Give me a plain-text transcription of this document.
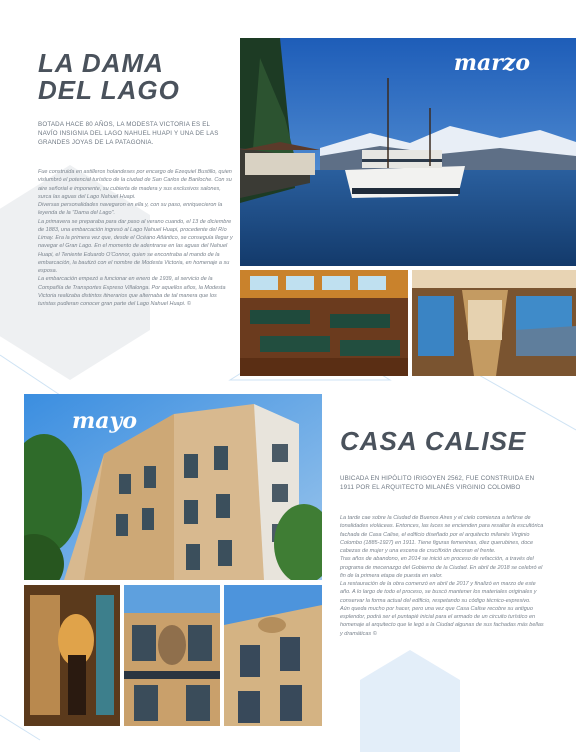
LA DAMA
DEL LAGO
BOTADA HACE 80 AÑOS, LA MODESTA VICTORIA ES EL NAVÍO INSIGNIA DEL LAGO NAHUEL HUAPI Y UNA DE LAS GRANDES JOYAS DE LA PATAGONIA.

Fue construida en astilleros holandeses por encargo de Ezequiel Bustillo, quien vislumbró el potencial turístico de la ciudad de San Carlos de Bariloche. Con su aire señorial e imponente, su cubierta de madera y sus exclusivos salones, surca las aguas del Lago Nahuel Huapi.

Diversas personalidades navegaron en ella y, con su paso, enriquecieron la leyenda de la "Dama del Lago".

La primavera se preparaba para dar paso al verano cuando, el 13 de diciembre de 1883, una embarcación ingresó al Lago Nahuel Huapi, procedente del Río Limay. Era la primera vez que, desde el Océano Atlántico, se conseguía llegar y navegar el Gran Lago. En el momento de adentrarse en las aguas del Nahuel Huapi, el Teniente Eduardo O'Connor, quien se encontraba al mando de la embarcación, la bautizó con el nombre de Modesta Victoria, en homenaje a su esposa.

La embarcación empezó a funcionar en enero de 1939, al servicio de la Compañía de Transportes Expreso Villalonga. Por aquellos años, la Modesta Victoria realizaba distintos itinerarios que alternaba de tal manera que los turistas pudieran conocer gran parte del Lago Nahuel Huapi. ©

marzo
mayo
CASA CALISE
UBICADA EN HIPÓLITO IRIGOYEN 2562, FUE CONSTRUIDA EN 1911 POR EL ARQUITECTO MILANÉS VIRGINIO COLOMBO

La tarde cae sobre la Ciudad de Buenos Aires y el cielo comienza a teñirse de tonalidades violáceas. Entonces, las luces se encienden para resaltar la escultórica fachada de Casa Calise, el edificio diseñado por el arquitecto milanés Virginio Colombo (1885-1927) en 1911. Tiene figuras femeninas, diez querubines, doce cabezas de mujer y una escena de crucifixión decoran el frente.

Tras años de abandono, en 2014 se inició un proceso de refacción, a través del programa de mecenazgo del Gobierno de la Ciudad. En abril de 2018 se celebró el fin de la primera etapa de puesta en valor.

La restauración de la obra comenzó en abril de 2017 y finalizó en marzo de este año. A lo largo de todo el proceso, se buscó mantener los materiales originales y conservar la forma actual del edificio, respetando su código técnico-expresivo.

Aún queda mucho por hacer, pero una vez que Casa Calise recobre su antiguo esplendor, podrá ser el puntapié inicial para el armado de un circuito turístico en homenaje al arquitecto que le legó a la Ciudad algunas de sus fachadas más bellas y dramáticas ©
